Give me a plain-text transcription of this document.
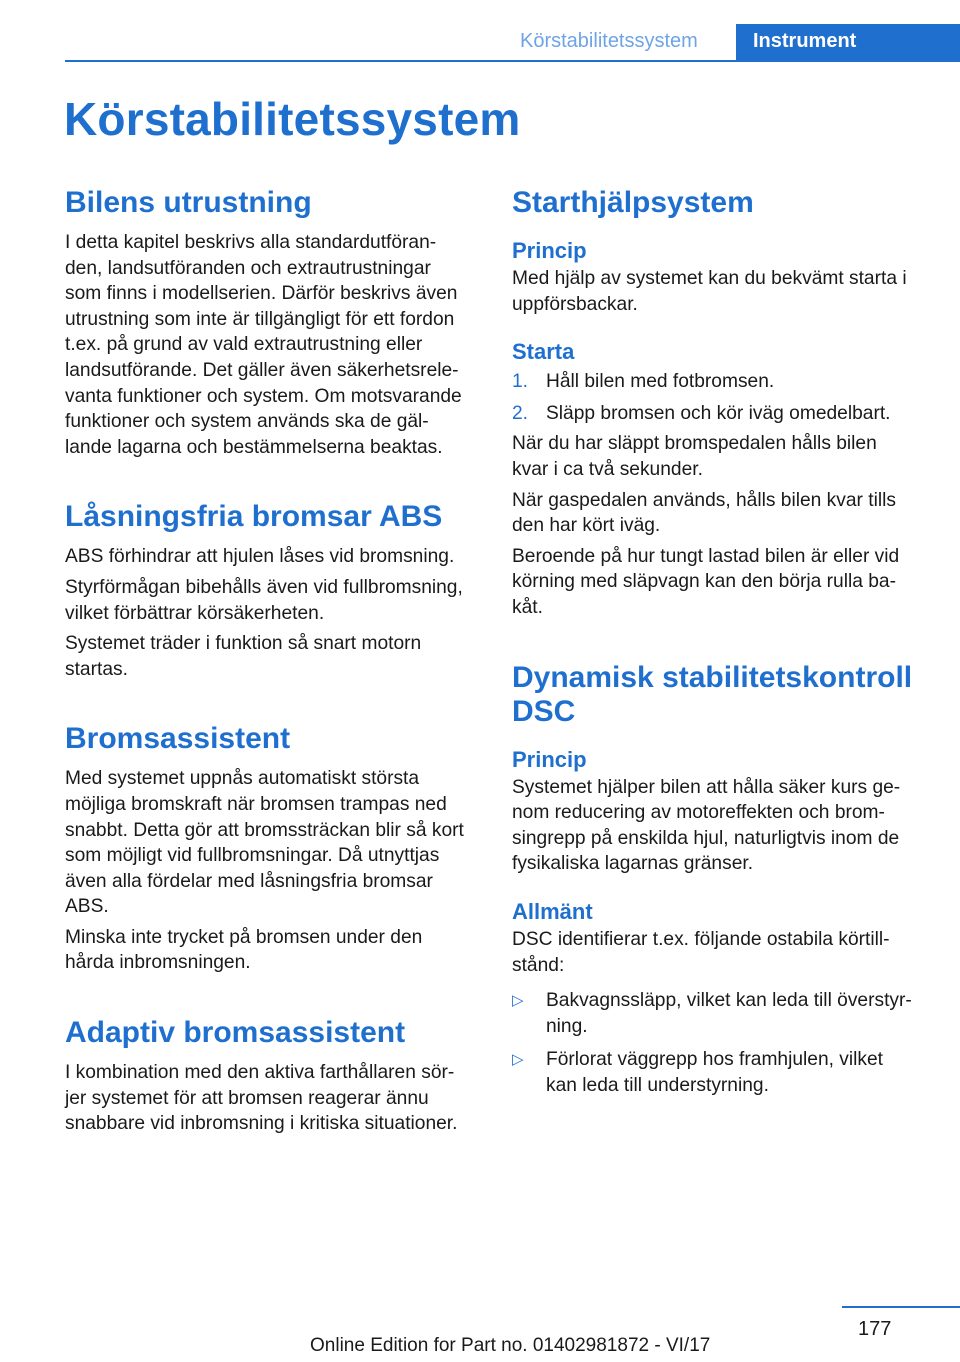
Körstabilitetssystem	Instrument
Körstabilitetssystem
Bilens utrustning

I detta kapitel beskrivs alla standardutföran‐
den, landsutföranden och extrautrustningar
som finns i modellserien. Därför beskrivs även
utrustning som inte är tillgängligt för ett fordon
t.ex. på grund av vald extrautrustning eller
landsutförande. Det gäller även säkerhetsrele‐
vanta funktioner och system. Om motsvarande
funktioner och system används ska de gäl‐
lande lagarna och bestämmelserna beaktas.

Låsningsfria bromsar ABS

ABS förhindrar att hjulen låses vid bromsning.

Styrförmågan bibehålls även vid fullbromsning,
vilket förbättrar körsäkerheten.

Systemet träder i funktion så snart motorn
startas.

Bromsassistent

Med systemet uppnås automatiskt största
möjliga bromskraft när bromsen trampas ned
snabbt. Detta gör att bromssträckan blir så kort
som möjligt vid fullbromsningar. Då utnyttjas
även alla fördelar med låsningsfria bromsar
ABS.

Minska inte trycket på bromsen under den
hårda inbromsningen.

Adaptiv bromsassistent

I kombination med den aktiva farthållaren sör‐
jer systemet för att bromsen reagerar ännu
snabbare vid inbromsning i kritiska situationer.

Starthjälpsystem
Princip

Med hjälp av systemet kan du bekvämt starta i
uppförsbackar.

Starta
1. Håll bilen med fotbromsen.
2. Släpp bromsen och kör iväg omedelbart.

När du har släppt bromspedalen hålls bilen
kvar i ca två sekunder.

När gaspedalen används, hålls bilen kvar tills
den har kört iväg.

Beroende på hur tungt lastad bilen är eller vid
körning med släpvagn kan den börja rulla ba‐
kåt.

Dynamisk stabilitetskontroll
DSC
Princip

Systemet hjälper bilen att hålla säker kurs ge‐
nom reducering av motoreffekten och brom‐
singrepp på enskilda hjul, naturligtvis inom de
fysikaliska lagarnas gränser.

Allmänt

DSC identifierar t.ex. följande ostabila körtill‐
stånd:

▷ Bakvagnssläpp, vilket kan leda till överstyr‐
ning.
▷ Förlorat väggrepp hos framhjulen, vilket
kan leda till understyrning.
177
Online Edition for Part no. 01402981872 - VI/17
